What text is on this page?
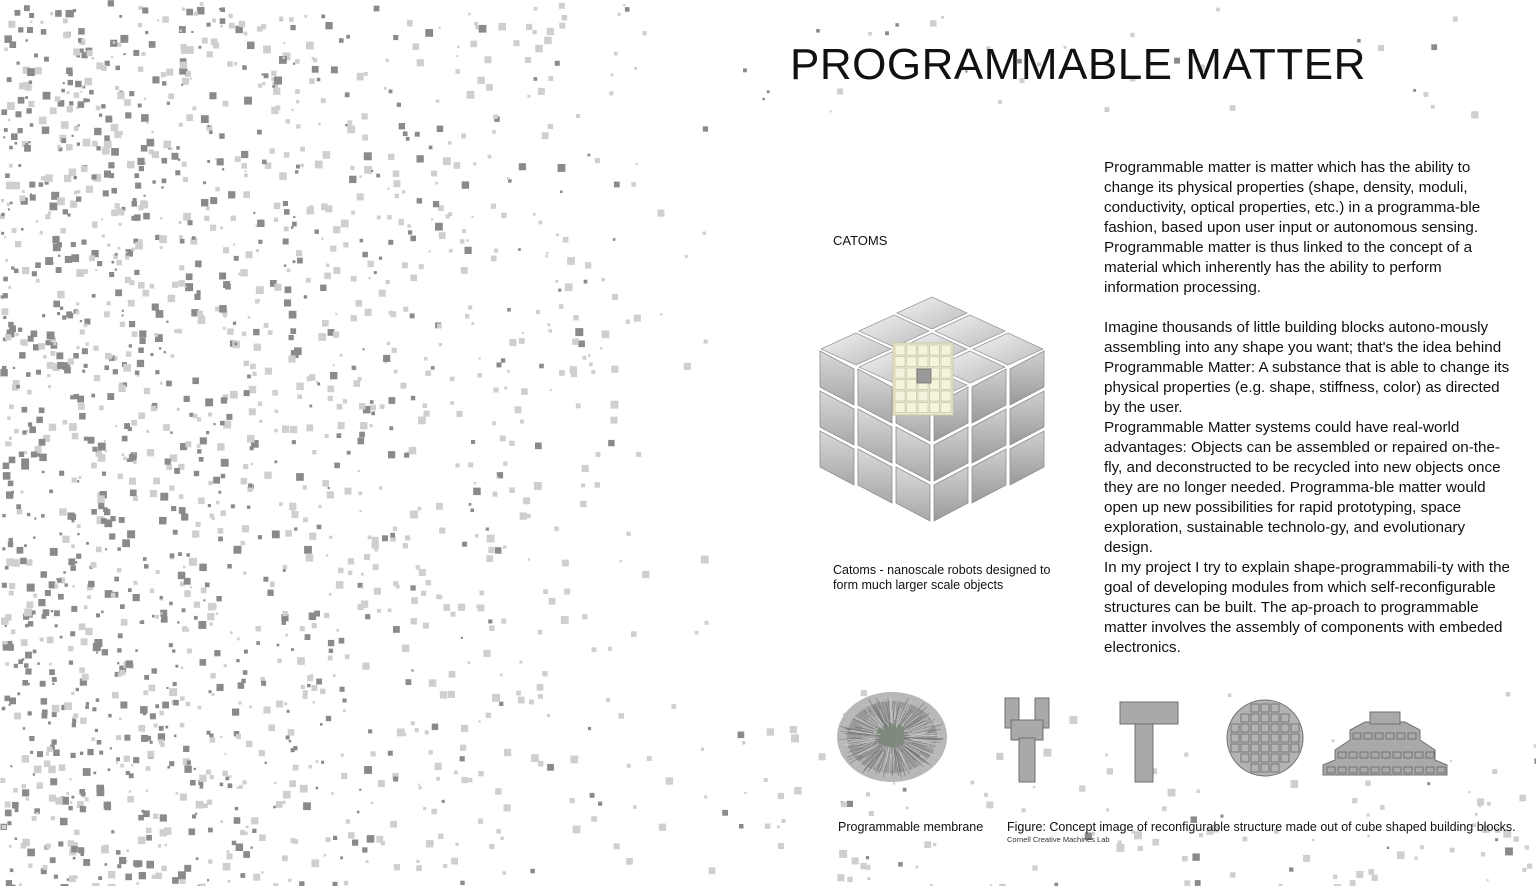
PROGRAMMABLE MATTER
CATOMS
Catoms - nanoscale robots designed to form much larger scale objects

Programmable matter is matter which has the ability to change its physical properties (shape, density, moduli, conductivity, optical properties, etc.) in a programma-ble fashion, based upon user input or autonomous sensing.

Programmable matter is thus linked to the concept of a material which inherently has the ability to perform information processing.

Imagine thousands of little building blocks autono-mously assembling into any shape you want; that's the idea behind Programmable Matter: A substance that is able to change its physical properties (e.g. shape, stiffness, color) as directed by the user.

Programmable Matter systems could have real-world advantages: Objects can be assembled or repaired on-the-fly, and deconstructed to be recycled into new objects once they are no longer needed. Programma-ble matter would open up new possibilities for rapid prototyping, space exploration, sustainable technolo-gy, and evolutionary design.

In my project I try to explain shape-programmabili-ty with the goal of developing modules from which self-reconfigurable structures can be built. The ap-proach to programmable matter involves the assembly of components with embeded electronics.

Programmable membrane Figure: Concept image of reconfigurable structure made out of cube shaped building blocks.
Cornell Creative Machines Lab
